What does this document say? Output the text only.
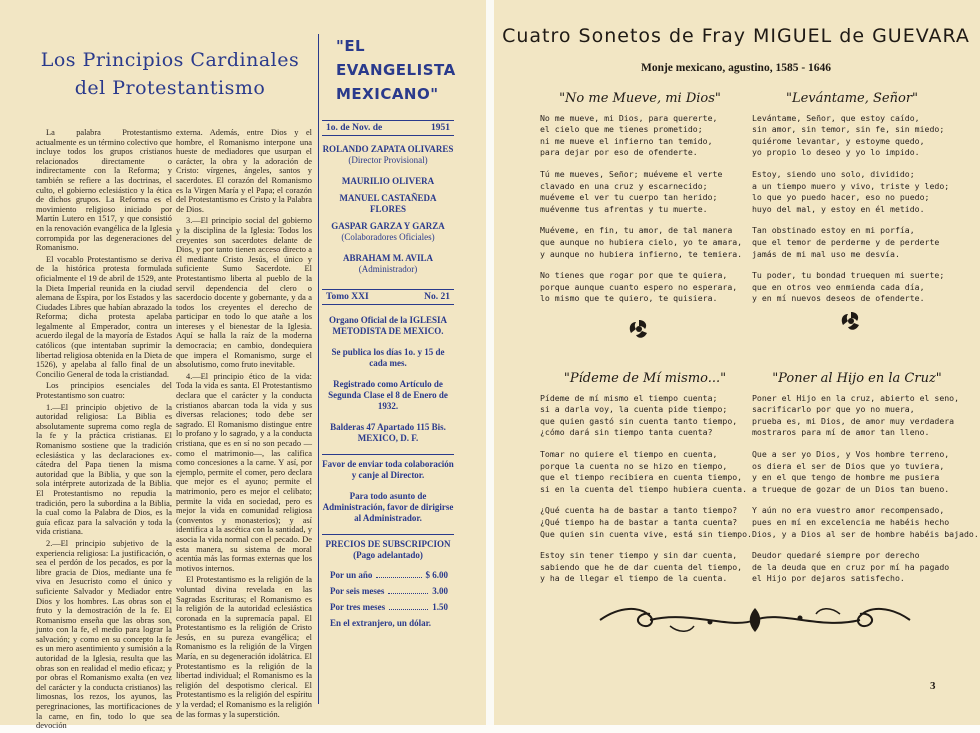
Los Principios Cardinales
del Protestantismo

La palabra Protestantismo actualmente es un término colectivo que incluye todos los grupos cristianos relacionados directamente o indirectamente con la Reforma; y también se refiere a las doctrinas, el culto, el gobierno eclesiástico y la ética de dichos grupos. La Reforma es el movimiento religioso iniciado por Martín Lutero en 1517, y que consistió en la renovación evangélica de la Iglesia corrompida por las degeneraciones del Romanismo.

El vocablo Protestantismo se deriva de la histórica protesta formulada oficialmente el 19 de abril de 1529, ante la Dieta Imperial reunida en la ciudad alemana de Espira, por los Estados y las Ciudades Libres que habían abrazado la Reforma; dicha protesta apelaba legalmente al Emperador, contra un acuerdo ilegal de la mayoría de Estados católicos (que intentaban suprimir la libertad religiosa obtenida en la Dieta de 1526), y apelaba al fallo final de un Concilio General de toda la cristiandad.

Los principios esenciales del Protestantismo son cuatro:

1.—El principio objetivo de la autoridad religiosa: La Biblia es absolutamente suprema como regla de la fe y la práctica cristianas. El Romanismo sostiene que la tradición eclesiástica y las declaraciones ex-cátedra del Papa tienen la misma autoridad que la Biblia, y que son la sola intérprete autorizada de la Biblia. El Protestantismo no repudia la tradición, pero la subordina a la Biblia, la cual como la Palabra de Dios, es la guía eficaz para la salvación y toda la vida cristiana.

2.—El principio subjetivo de la experiencia religiosa: La justificación, o sea el perdón de los pecados, es por la libre gracia de Dios, mediante una fe viva en Jesucristo como el único y suficiente Salvador y Mediador entre Dios y los hombres. Las obras son el fruto y la demostración de la fe. El Romanismo enseña que las obras son, junto con la fe, el medio para lograr la salvación; y como en su concepto la fe es un mero asentimiento y sumisión a la autoridad de la Iglesia, resulta que las obras son en realidad el medio eficaz; y por obras el Romanismo exalta (en vez del carácter y la conducta cristianos) las limosnas, los rezos, los ayunos, las peregrinaciones, las mortificaciones de la carne, en fin, todo lo que sea devoción

externa. Además, entre Dios y el hombre, el Romanismo interpone una hueste de mediadores que usurpan el carácter, la obra y la adoración de Cristo: vírgenes, ángeles, santos y sacerdotes. El corazón del Romanismo es la Virgen María y el Papa; el corazón del Protestantismo es Cristo y la Palabra de Dios.

3.—El principio social del gobierno y la disciplina de la Iglesia: Todos los creyentes son sacerdotes delante de Dios, y por tanto tienen acceso directo a él mediante Cristo Jesús, el único y suficiente Sumo Sacerdote. El Protestantismo liberta al pueblo de la servil dependencia del clero o sacerdocio docente y gobernante, y da a todos los creyentes el derecho de participar en todo lo que atañe a los intereses y el bienestar de la Iglesia. Aquí se halla la raíz de la moderna democracia; en cambio, dondequiera que impera el Romanismo, surge el absolutismo, como fruto inevitable.

4.—El principio ético de la vida: Toda la vida es santa. El Protestantismo declara que el carácter y la conducta cristianos abarcan toda la vida y sus diversas relaciones; todo debe ser sagrado. El Romanismo distingue entre lo profano y lo sagrado, y a la conducta cristiana, que es en sí no son pecado —como el matrimonio—, las califica como concesiones a la carne. Y así, por ejemplo, permite el comer, pero declara que mejor es el ayuno; permite el matrimonio, pero es mejor el celibato; permite la vida en sociedad, pero es mejor la vida en comunidad religiosa (conventos y monasterios); y así identifica a la ascética con la santidad, y asocia la vida normal con el pecado. De esta manera, su sistema de moral acentúa más las formas externas que los motivos internos.

El Protestantismo es la religión de la voluntad divina revelada en las Sagradas Escrituras; el Romanismo es la religión de la autoridad eclesiástica coronada en la supremacía papal. El Protestantismo es la religión de Cristo Jesús, en su pureza evangélica; el Romanismo es la religión de la Virgen María, en su degeneración idolátrica. El Protestantismo es la religión de la libertad individual; el Romanismo es la religión del despotismo clerical. El Protestantismo es la religión del espíritu y la verdad; el Romanismo es la religión de las formas y la superstición.

"EL
EVANGELISTA
MEXICANO"
1o. de Nov. de	1951
ROLANDO ZAPATA OLIVARES
(Director Provisional)
MAURILIO OLIVERA
MANUEL CASTAÑEDA FLORES
GASPAR GARZA Y GARZA
(Colaboradores Oficiales)
ABRAHAM M. AVILA
(Administrador)
Tomo XXI	No. 21
Organo Oficial de la IGLESIA METODISTA DE MEXICO.
Se publica los días 1o. y 15 de cada mes.
Registrado como Artículo de Segunda Clase el 8 de Enero de 1932.
Balderas 47 Apartado 115 Bis. MEXICO, D. F.
Favor de enviar toda colaboración y canje al Director.
Para todo asunto de Administración, favor de dirigirse al Administrador.
PRECIOS DE SUBSCRIPCION
(Pago adelantado)
Por un año	$ 6.00
Por seis meses	3.00
Por tres meses	1.50
En el extranjero, un dólar.
Cuatro Sonetos de Fray MIGUEL de GUEVARA
Monje mexicano, agustino, 1585 - 1646
"No me Mueve, mi Dios"
No me mueve, mi Dios, para quererte,
el cielo que me tienes prometido;
ni me mueve el infierno tan temido,
para dejar por eso de ofenderte.
Tú me mueves, Señor; muéveme el verte
clavado en una cruz y escarnecido;
muéveme el ver tu cuerpo tan herido;
muévenme tus afrentas y tu muerte.
Muéveme, en fin, tu amor, de tal manera
que aunque no hubiera cielo, yo te amara,
y aunque no hubiera infierno, te temiera.
No tienes que rogar por que te quiera,
porque aunque cuanto espero no esperara,
lo mismo que te quiero, te quisiera.
"Levántame, Señor"
Levántame, Señor, que estoy caído,
sin amor, sin temor, sin fe, sin miedo;
quiérome levantar, y estoyme quedo,
yo propio lo deseo y yo lo impido.
Estoy, siendo uno solo, dividido;
a un tiempo muero y vivo, triste y ledo;
lo que yo puedo hacer, eso no puedo;
huyo del mal, y estoy en él metido.
Tan obstinado estoy en mi porfía,
que el temor de perderme y de perderte
jamás de mi mal uso me desvía.
Tu poder, tu bondad truequen mi suerte;
que en otros veo enmienda cada día,
y en mí nuevos deseos de ofenderte.
"Pídeme de Mí mismo..."
Pídeme de mí mismo el tiempo cuenta;
si a darla voy, la cuenta pide tiempo;
que quien gastó sin cuenta tanto tiempo,
¿cómo dará sin tiempo tanta cuenta?
Tomar no quiere el tiempo en cuenta,
porque la cuenta no se hizo en tiempo,
que el tiempo recibiera en cuenta tiempo,
si en la cuenta del tiempo hubiera cuenta.
¿Qué cuenta ha de bastar a tanto tiempo?
¿Qué tiempo ha de bastar a tanta cuenta?
Que quien sin cuenta vive, está sin tiempo.
Estoy sin tener tiempo y sin dar cuenta,
sabiendo que he de dar cuenta del tiempo,
y ha de llegar el tiempo de la cuenta.
"Poner al Hijo en la Cruz"
Poner el Hijo en la cruz, abierto el seno,
sacrificarlo por que yo no muera,
prueba es, mi Dios, de amor muy verdadera
mostraros para mí de amor tan lleno.
Que a ser yo Dios, y Vos hombre terreno,
os diera el ser de Dios que yo tuviera,
y en el que tengo de hombre me pusiera
a trueque de gozar de un Dios tan bueno.
Y aún no era vuestro amor recompensado,
pues en mí en excelencia me habéis hecho
Dios, y a Dios al ser de hombre habéis bajado.
Deudor quedaré siempre por derecho
de la deuda que en cruz por mí ha pagado
el Hijo por dejaros satisfecho.
3
